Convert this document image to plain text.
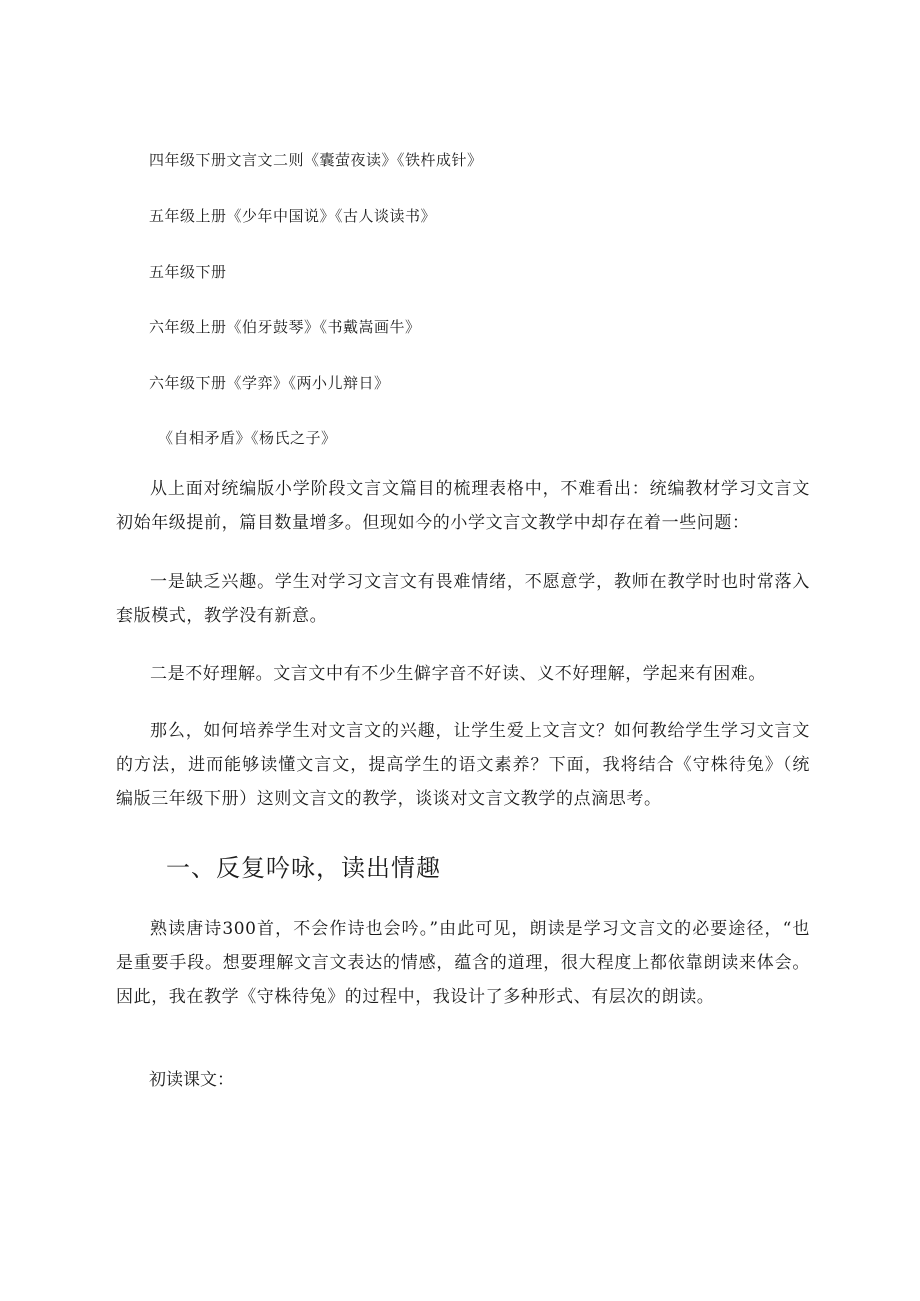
四年级下册文言文二则《囊萤夜读》《铁杵成针》
五年级上册《少年中国说》《古人谈读书》
五年级下册
六年级上册《伯牙鼓琴》《书戴嵩画牛》
六年级下册《学弈》《两小儿辩日》
《自相矛盾》《杨氏之子》

从上面对统编版小学阶段文言文篇目的梳理表格中，不难看出：统编教材学习文言文初始年级提前，篇目数量增多。但现如今的小学文言文教学中却存在着一些问题：

一是缺乏兴趣。学生对学习文言文有畏难情绪，不愿意学，教师在教学时也时常落入套版模式，教学没有新意。

二是不好理解。文言文中有不少生僻字音不好读、义不好理解，学起来有困难。

那么，如何培养学生对文言文的兴趣，让学生爱上文言文？如何教给学生学习文言文的方法，进而能够读懂文言文，提高学生的语文素养？下面，我将结合《守株待兔》（统编版三年级下册）这则文言文的教学，谈谈对文言文教学的点滴思考。

一、反复吟咏，读出情趣

熟读唐诗300首，不会作诗也会吟。”由此可见，朗读是学习文言文的必要途径，“也是重要手段。想要理解文言文表达的情感，蕴含的道理，很大程度上都依靠朗读来体会。因此，我在教学《守株待兔》的过程中，我设计了多种形式、有层次的朗读。

初读课文：
